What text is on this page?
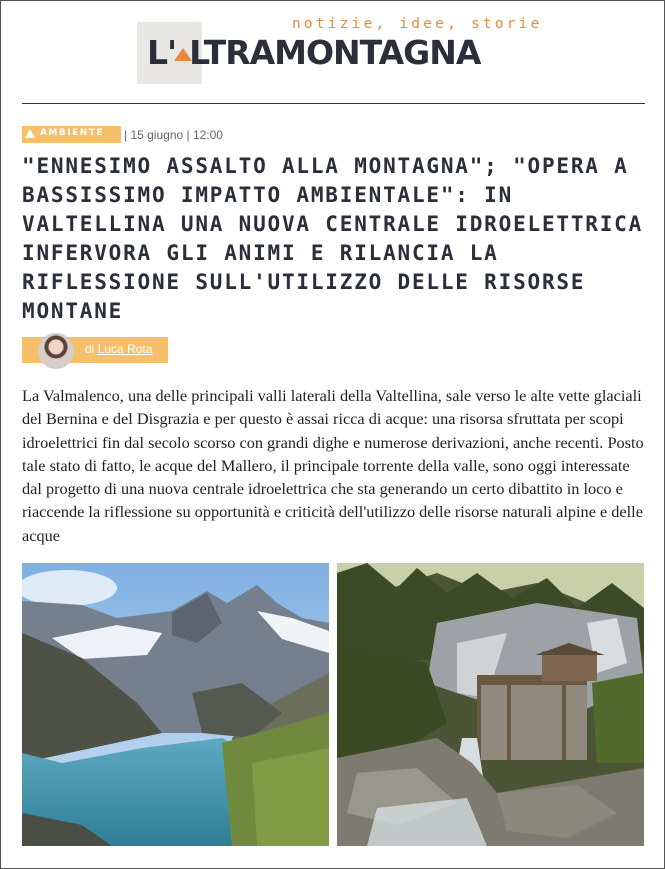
notizie, idee, storie
L' LTRAMONTAGNA
AMBIENTE | 15 giugno | 12:00
"ENNESIMO ASSALTO ALLA MONTAGNA"; "OPERA A BASSISSIMO IMPATTO AMBIENTALE": IN VALTELLINA UNA NUOVA CENTRALE IDROELETTRICA INFERVORA GLI ANIMI E RILANCIA LA RIFLESSIONE SULL'UTILIZZO DELLE RISORSE MONTANE
di Luca Rota

La Valmalenco, una delle principali valli laterali della Valtellina, sale verso le alte vette glaciali del Bernina e del Disgrazia e per questo è assai ricca di acque: una risorsa sfruttata per scopi idroelettrici fin dal secolo scorso con grandi dighe e numerose derivazioni, anche recenti. Posto tale stato di fatto, le acque del Mallero, il principale torrente della valle, sono oggi interessate dal progetto di una nuova centrale idroelettrica che sta generando un certo dibattito in loco e riaccende la riflessione su opportunità e criticità dell'utilizzo delle risorse naturali alpine e delle acque
